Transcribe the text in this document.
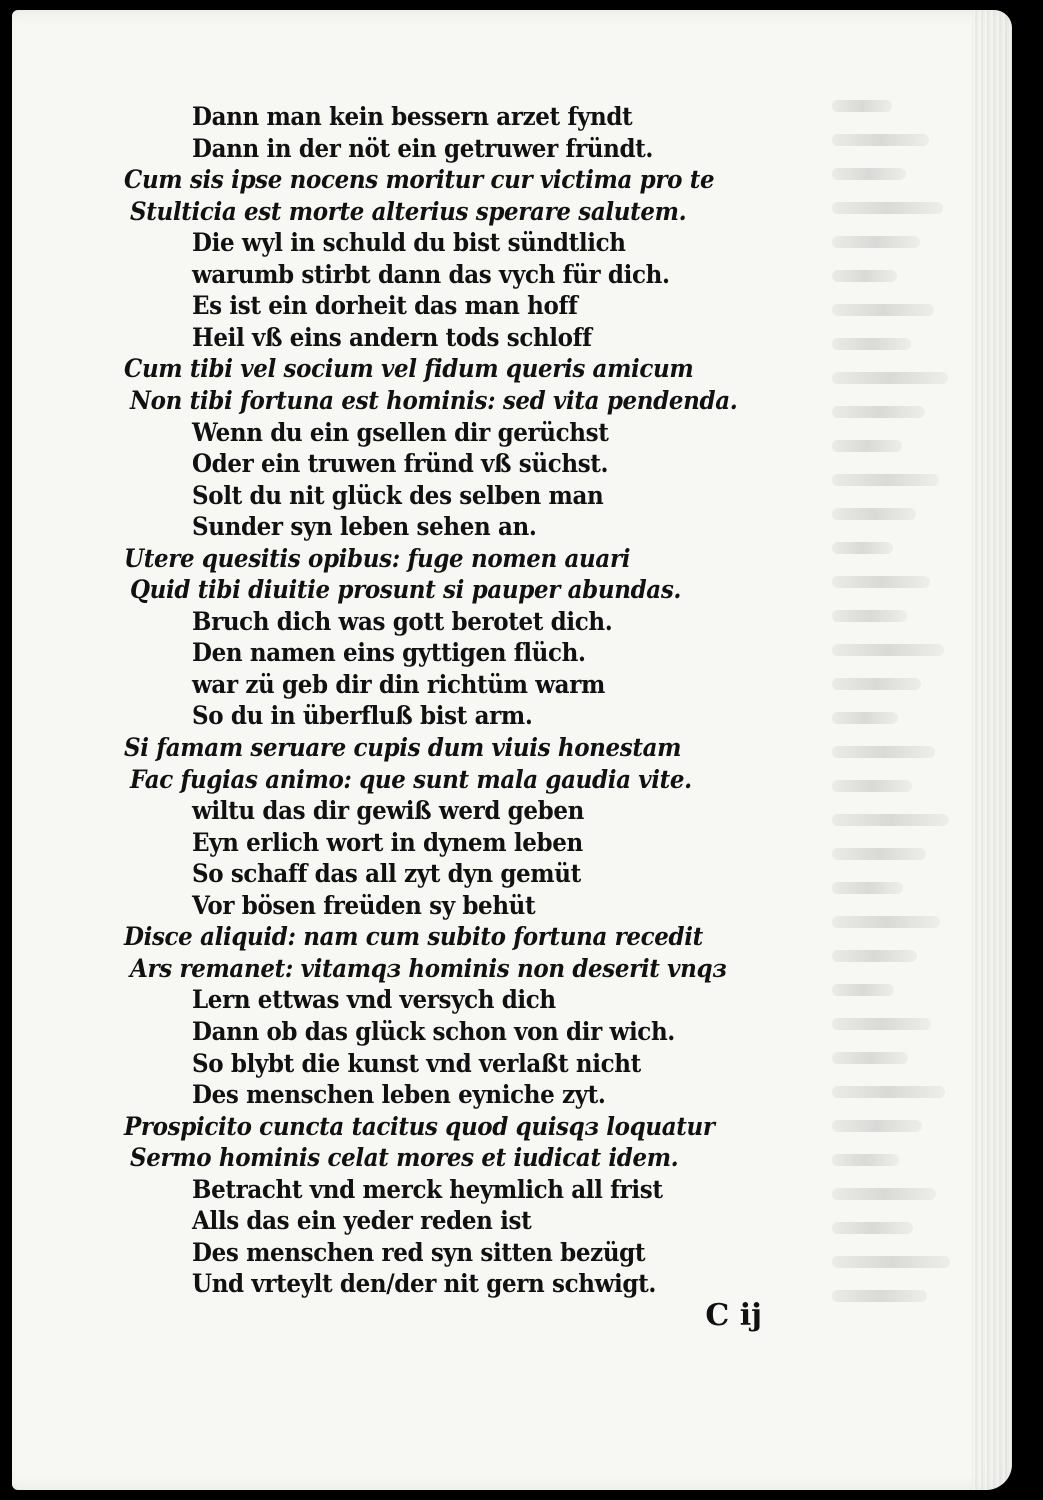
Dann man kein bessern arzet fyndt
Dann in der nöt ein getruwer fründt.
Cum sis ipse nocens moritur cur victima pro te
Stulticia est morte alterius sperare salutem.
Die wyl in schuld du bist sündtlich
warumb stirbt dann das vych für dich.
Es ist ein dorheit das man hoff
Heil vß eins andern tods schloff
Cum tibi vel socium vel fidum queris amicum
Non tibi fortuna est hominis: sed vita pendenda.
Wenn du ein gsellen dir gerüchst
Oder ein truwen fründ vß süchst.
Solt du nit glück des selben man
Sunder syn leben sehen an.
Utere quesitis opibus: fuge nomen auari
Quid tibi diuitie prosunt si pauper abundas.
Bruch dich was gott berotet dich.
Den namen eins gyttigen flüch.
war zü geb dir din richtüm warm
So du in überfluß bist arm.
Si famam seruare cupis dum viuis honestam
Fac fugias animo: que sunt mala gaudia vite.
wiltu das dir gewiß werd geben
Eyn erlich wort in dynem leben
So schaff das all zyt dyn gemüt
Vor bösen freüden sy behüt
Disce aliquid: nam cum subito fortuna recedit
Ars remanet: vitamqз hominis non deserit vnqз
Lern ettwas vnd versych dich
Dann ob das glück schon von dir wich.
So blybt die kunst vnd verlaßt nicht
Des menschen leben eyniche zyt.
Prospicito cuncta tacitus quod quisqз loquatur
Sermo hominis celat mores et iudicat idem.
Betracht vnd merck heymlich all frist
Alls das ein yeder reden ist
Des menschen red syn sitten bezügt
Und vrteylt den/der nit gern schwigt.
C ij
